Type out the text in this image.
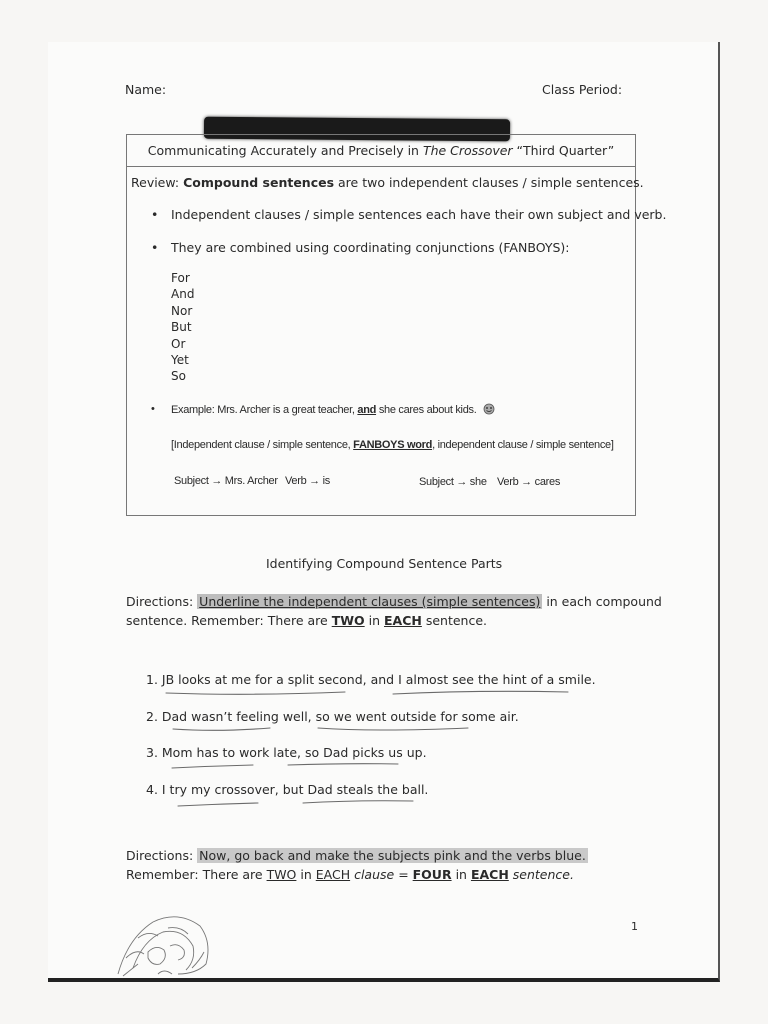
Name:	Class Period:
Communicating Accurately and Precisely in The Crossover “Third Quarter”
Review: Compound sentences are two independent clauses / simple sentences.
• Independent clauses / simple sentences each have their own subject and verb.
• They are combined using coordinating conjunctions (FANBOYS):
For
And
Nor
But
Or
Yet
So
• Example: Mrs. Archer is a great teacher, and she cares about kids.
[Independent clause / simple sentence, FANBOYS word, independent clause / simple sentence]
Subject → Mrs. Archer Verb → is	Subject → she Verb → cares
Identifying Compound Sentence Parts
Directions: Underline the independent clauses (simple sentences) in each compound
sentence. Remember: There are TWO in EACH sentence.
1. JB looks at me for a split second, and I almost see the hint of a smile.
2. Dad wasn’t feeling well, so we went outside for some air.
3. Mom has to work late, so Dad picks us up.
4. I try my crossover, but Dad steals the ball.
Directions: Now, go back and make the subjects pink and the verbs blue.
Remember: There are TWO in EACH clause = FOUR in EACH sentence.
1
